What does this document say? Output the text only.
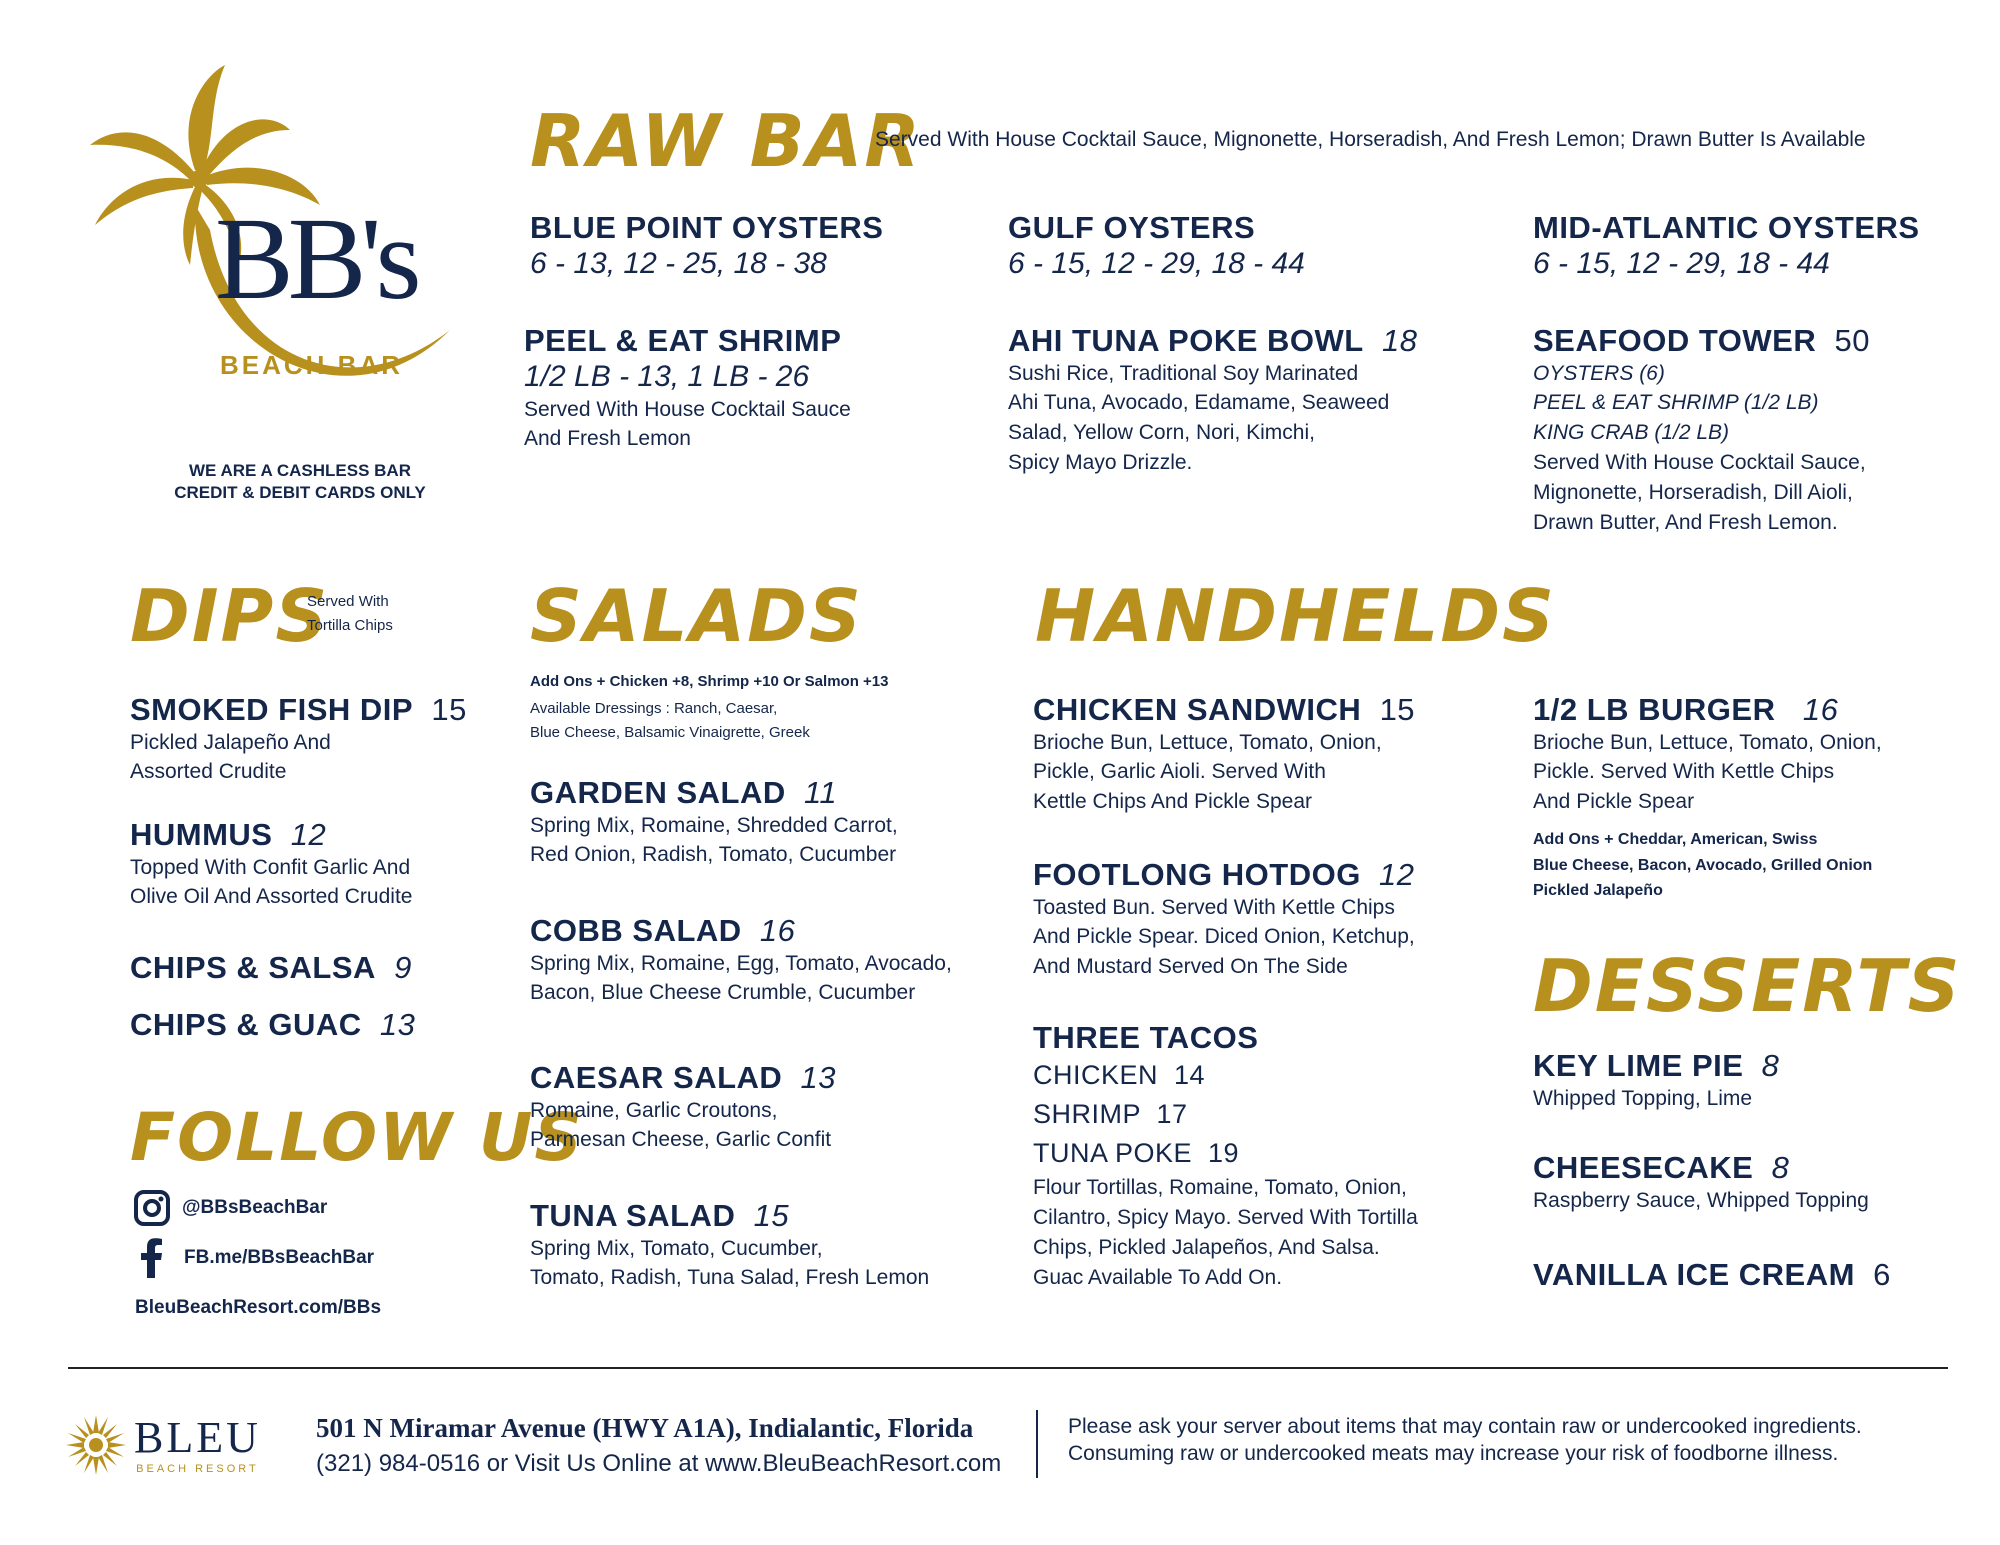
BB's
BEACH BAR
WE ARE A CASHLESS BAR
CREDIT & DEBIT CARDS ONLY
RAW BAR
Served With House Cocktail Sauce, Mignonette, Horseradish, And Fresh Lemon; Drawn Butter Is Available
BLUE POINT OYSTERS
6 - 13, 12 - 25, 18 - 38
GULF OYSTERS
6 - 15, 12 - 29, 18 - 44
MID-ATLANTIC OYSTERS
6 - 15, 12 - 29, 18 - 44
PEEL & EAT SHRIMP
1/2 LB - 13, 1 LB - 26
Served With House Cocktail Sauce
And Fresh Lemon
AHI TUNA POKE BOWL 18
Sushi Rice, Traditional Soy Marinated
Ahi Tuna, Avocado, Edamame, Seaweed
Salad, Yellow Corn, Nori, Kimchi,
Spicy Mayo Drizzle.
SEAFOOD TOWER 50
OYSTERS (6)
PEEL & EAT SHRIMP (1/2 LB)
KING CRAB (1/2 LB)
Served With House Cocktail Sauce,
Mignonette, Horseradish, Dill Aioli,
Drawn Butter, And Fresh Lemon.
DIPS
Served With
Tortilla Chips
SMOKED FISH DIP 15
Pickled Jalapeño And
Assorted Crudite
HUMMUS 12
Topped With Confit Garlic And
Olive Oil And Assorted Crudite
CHIPS & SALSA 9
CHIPS & GUAC 13
FOLLOW US
@BBsBeachBar
FB.me/BBsBeachBar
BleuBeachResort.com/BBs
SALADS
Add Ons + Chicken +8, Shrimp +10 Or Salmon +13
Available Dressings : Ranch, Caesar,
Blue Cheese, Balsamic Vinaigrette, Greek
GARDEN SALAD 11
Spring Mix, Romaine, Shredded Carrot,
Red Onion, Radish, Tomato, Cucumber
COBB SALAD 16
Spring Mix, Romaine, Egg, Tomato, Avocado,
Bacon, Blue Cheese Crumble, Cucumber
CAESAR SALAD 13
Romaine, Garlic Croutons,
Parmesan Cheese, Garlic Confit
TUNA SALAD 15
Spring Mix, Tomato, Cucumber,
Tomato, Radish, Tuna Salad, Fresh Lemon
HANDHELDS
CHICKEN SANDWICH 15
Brioche Bun, Lettuce, Tomato, Onion,
Pickle, Garlic Aioli. Served With
Kettle Chips And Pickle Spear
FOOTLONG HOTDOG 12
Toasted Bun. Served With Kettle Chips
And Pickle Spear. Diced Onion, Ketchup,
And Mustard Served On The Side
THREE TACOS
CHICKEN  14
SHRIMP  17
TUNA POKE  19
Flour Tortillas, Romaine, Tomato, Onion,
Cilantro, Spicy Mayo. Served With Tortilla
Chips, Pickled Jalapeños, And Salsa.
Guac Available To Add On.
1/2 LB BURGER 16
Brioche Bun, Lettuce, Tomato, Onion,
Pickle. Served With Kettle Chips
And Pickle Spear
Add Ons + Cheddar, American, Swiss
Blue Cheese, Bacon, Avocado, Grilled Onion
Pickled Jalapeño
DESSERTS
KEY LIME PIE 8
Whipped Topping, Lime
CHEESECAKE 8
Raspberry Sauce, Whipped Topping
VANILLA ICE CREAM 6
BLEU
BEACH RESORT
501 N Miramar Avenue (HWY A1A), Indialantic, Florida
(321) 984-0516 or Visit Us Online at www.BleuBeachResort.com
Please ask your server about items that may contain raw or undercooked ingredients.
Consuming raw or undercooked meats may increase your risk of foodborne illness.
